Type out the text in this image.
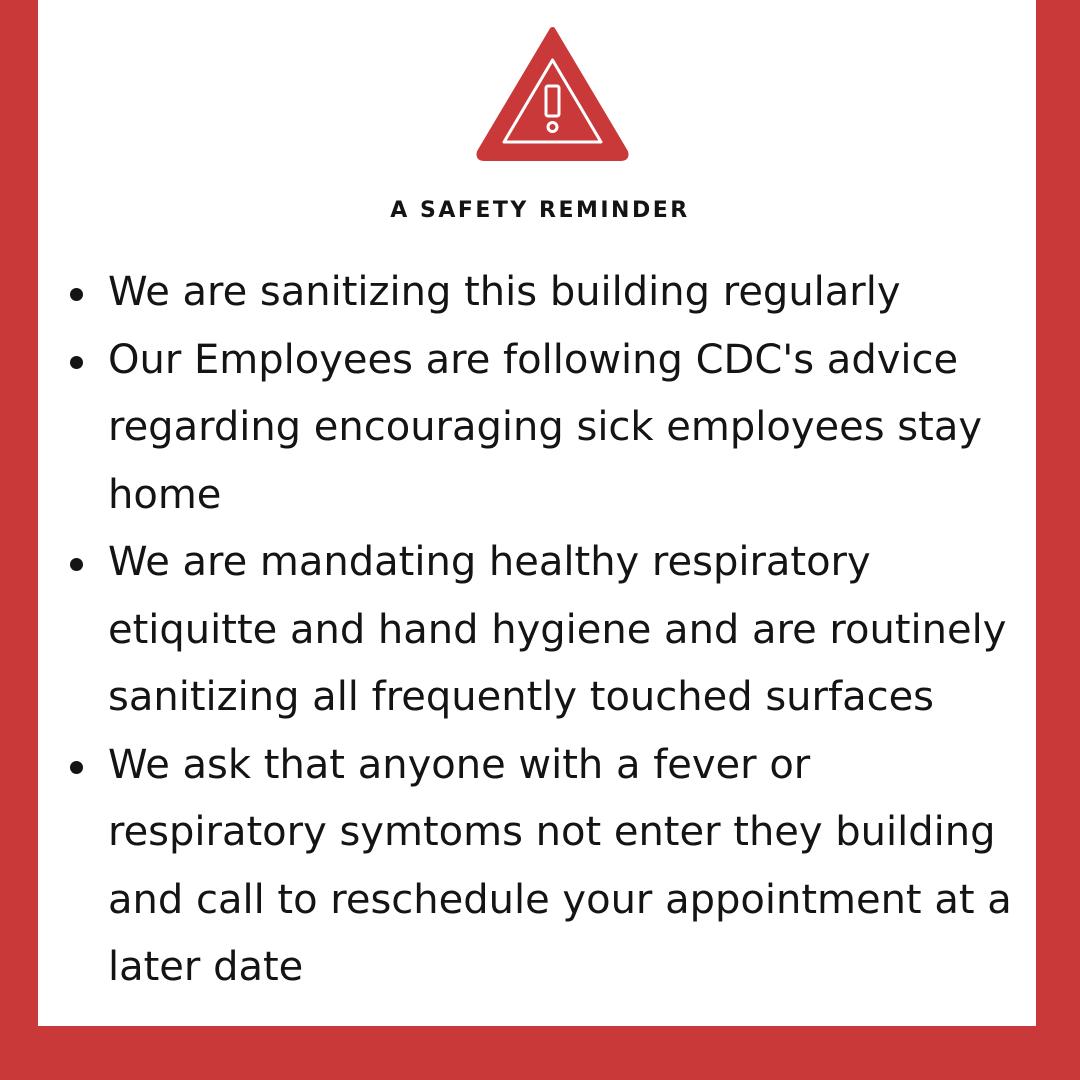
A SAFETY REMINDER
We are sanitizing this building regularly
Our Employees are following CDC's advice regarding encouraging sick employees stay home
We are mandating healthy respiratory etiquitte and hand hygiene and are routinely sanitizing all frequently touched surfaces
We ask that anyone with a fever or respiratory symtoms not enter they building and call to reschedule your appointment at a later date
